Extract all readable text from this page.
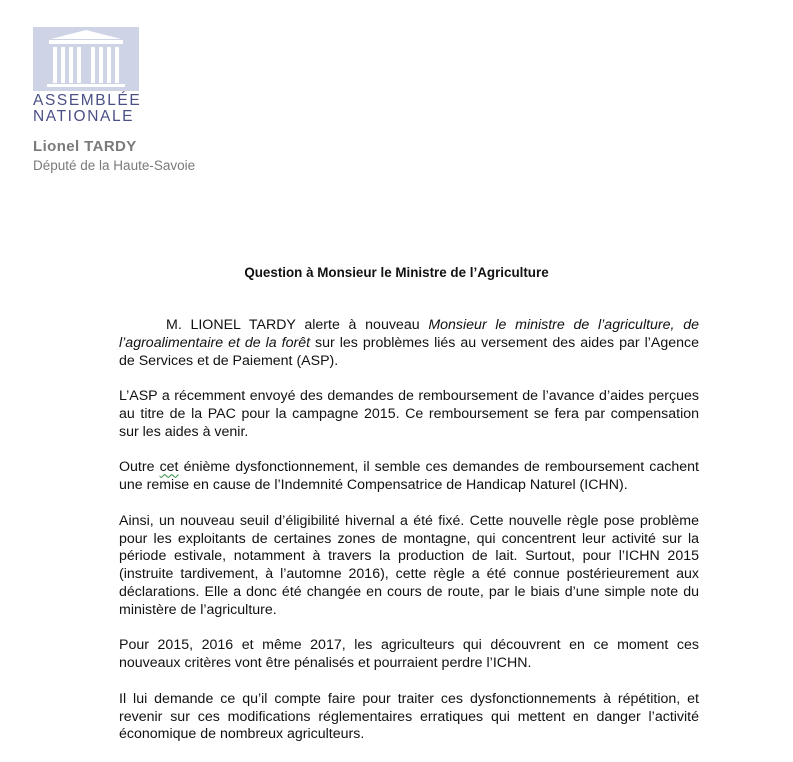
ASSEMBLÉE
NATIONALE
Lionel TARDY
Député de la Haute-Savoie
Question à Monsieur le Ministre de l’Agriculture

M. LIONEL TARDY alerte à nouveau Monsieur le ministre de l’agriculture, de l’agroalimentaire et de la forêt sur les problèmes liés au versement des aides par l’Agence de Services et de Paiement (ASP).

L’ASP a récemment envoyé des demandes de remboursement de l’avance d’aides perçues au titre de la PAC pour la campagne 2015. Ce remboursement se fera par compensation sur les aides à venir.

Outre cet énième dysfonctionnement, il semble ces demandes de remboursement cachent une remise en cause de l’Indemnité Compensatrice de Handicap Naturel (ICHN).

Ainsi, un nouveau seuil d’éligibilité hivernal a été fixé. Cette nouvelle règle pose problème pour les exploitants de certaines zones de montagne, qui concentrent leur activité sur la période estivale, notamment à travers la production de lait. Surtout, pour l’ICHN 2015 (instruite tardivement, à l’automne 2016), cette règle a été connue postérieurement aux déclarations. Elle a donc été changée en cours de route, par le biais d’une simple note du ministère de l’agriculture.

Pour 2015, 2016 et même 2017, les agriculteurs qui découvrent en ce moment ces nouveaux critères vont être pénalisés et pourraient perdre l’ICHN.

Il lui demande ce qu’il compte faire pour traiter ces dysfonctionnements à répétition, et revenir sur ces modifications réglementaires erratiques qui mettent en danger l’activité économique de nombreux agriculteurs.
